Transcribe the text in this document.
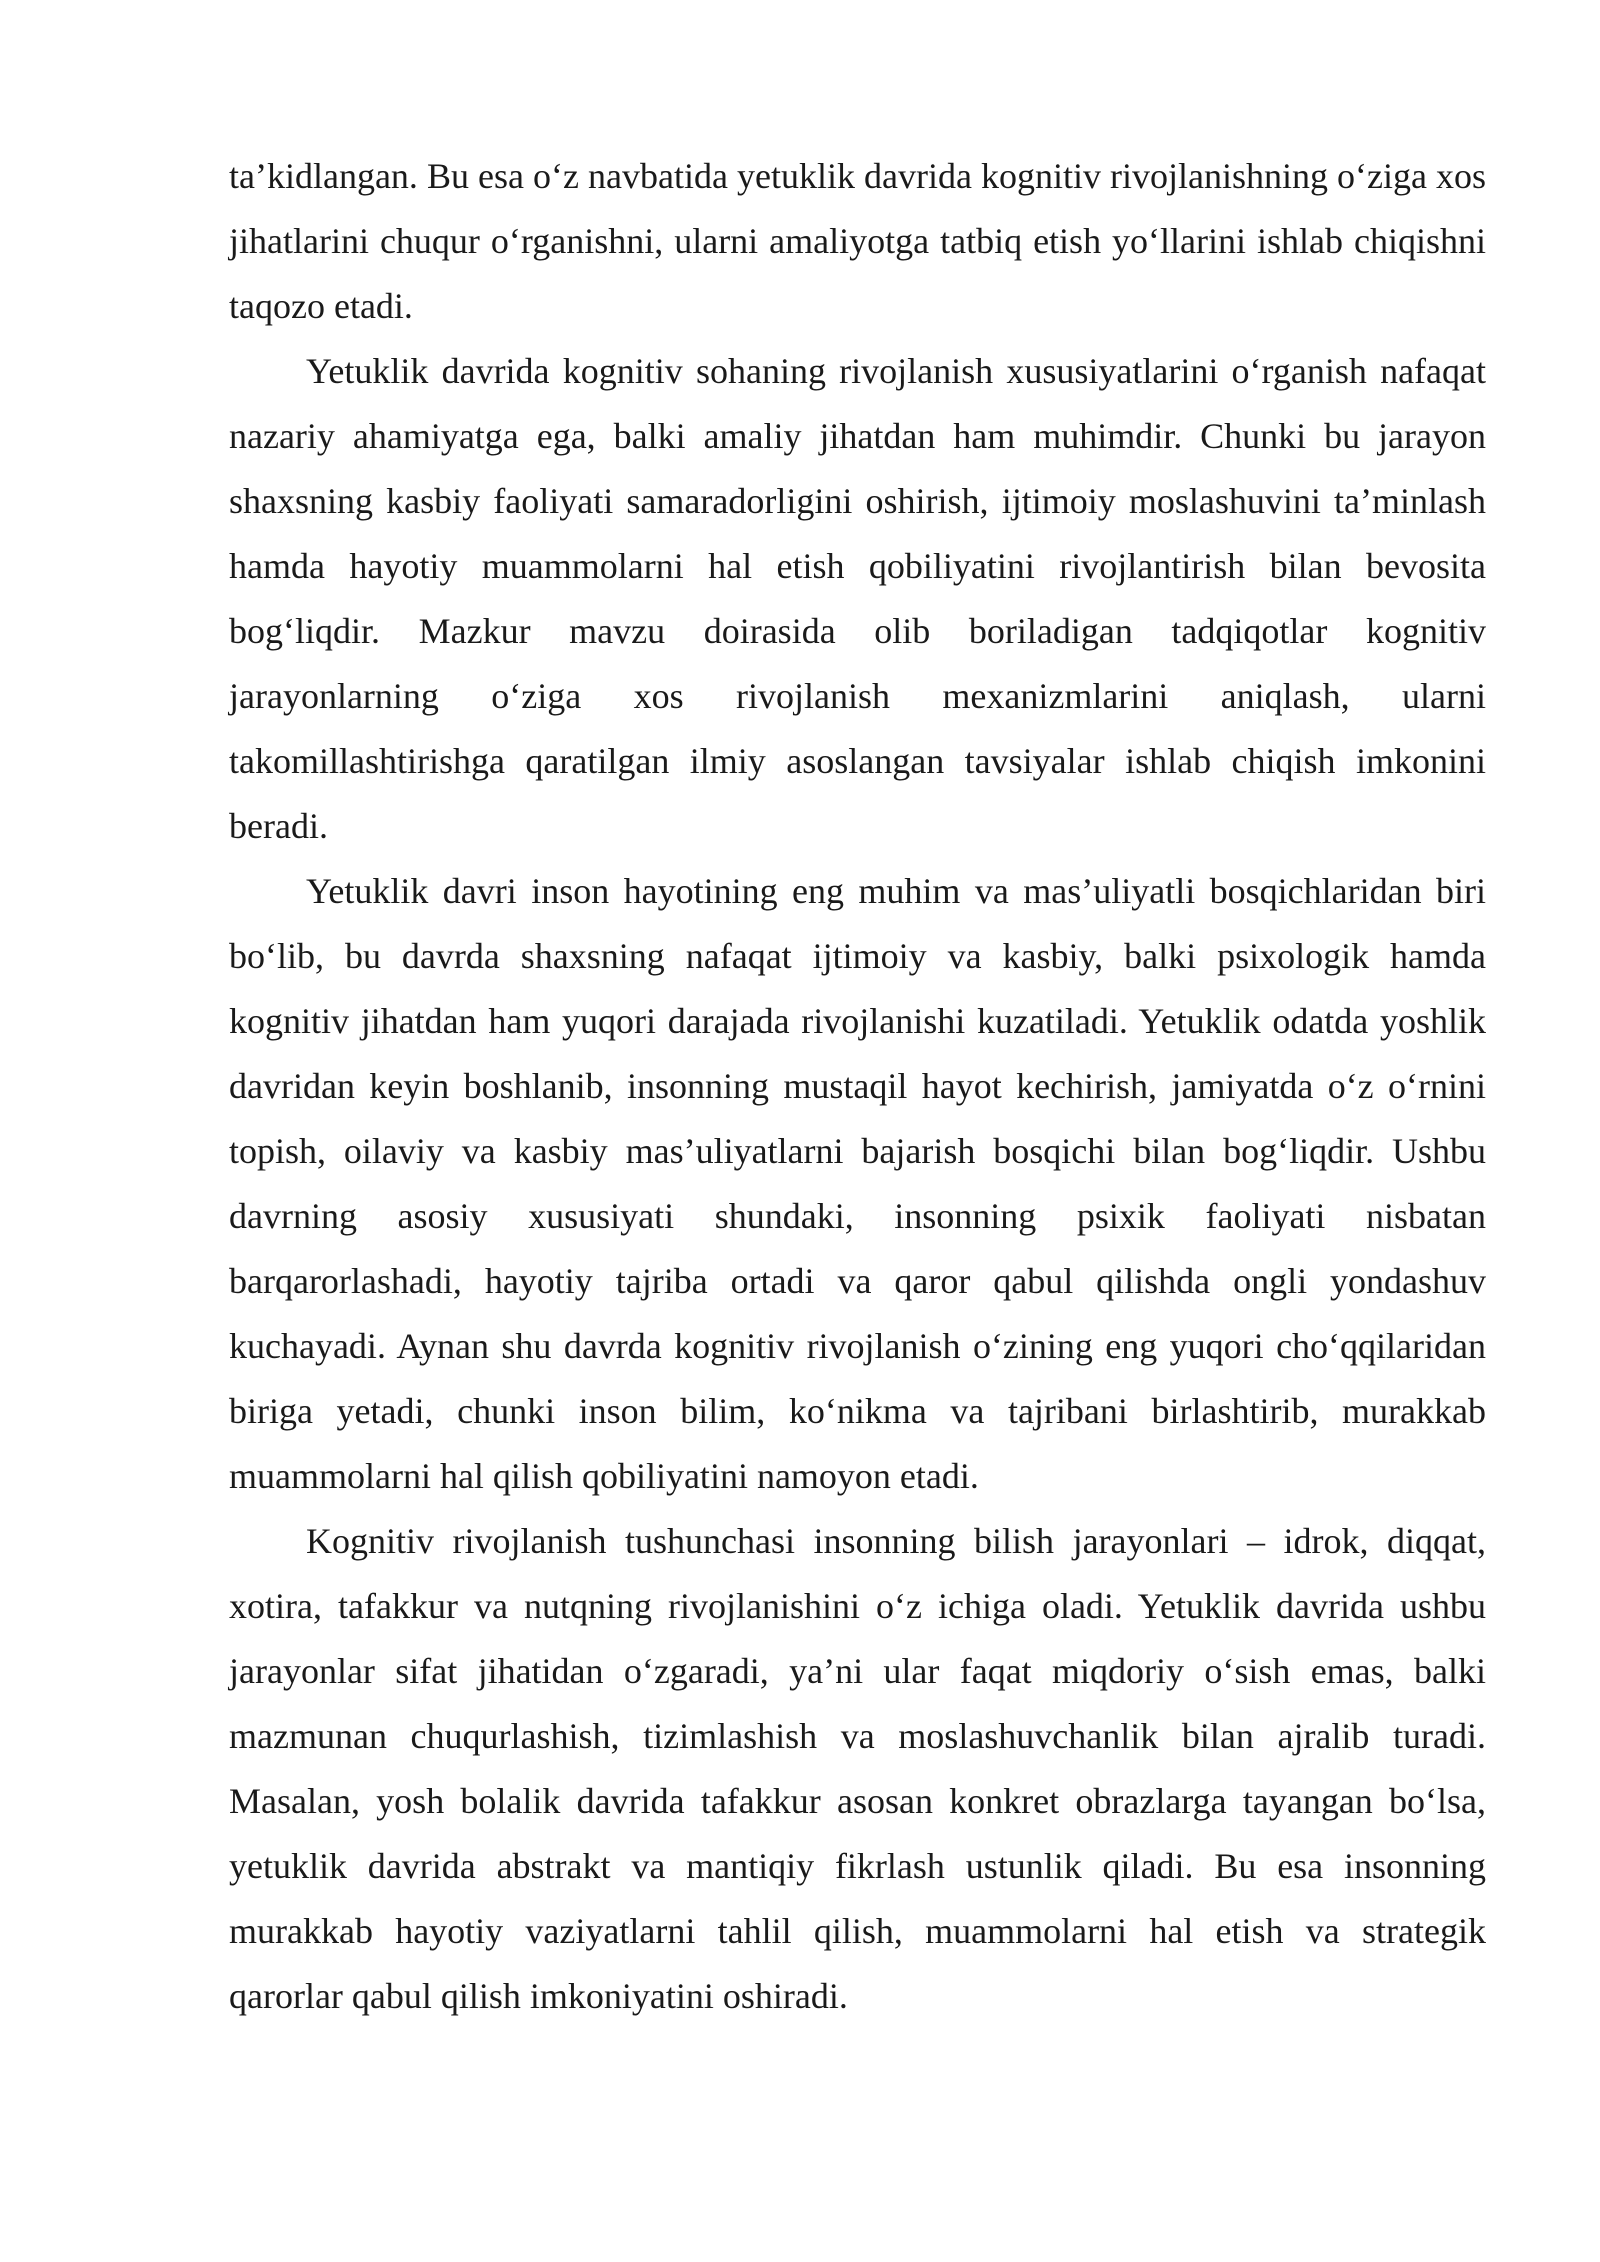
ta’kidlangan. Bu esa o‘z navbatida yetuklik davrida kognitiv rivojlanishning o‘ziga xos jihatlarini chuqur o‘rganishni, ularni amaliyotga tatbiq etish yo‘llarini ishlab chiqishni taqozo etadi.

Yetuklik davrida kognitiv sohaning rivojlanish xususiyatlarini o‘rganish nafaqat nazariy ahamiyatga ega, balki amaliy jihatdan ham muhimdir. Chunki bu jarayon shaxsning kasbiy faoliyati samaradorligini oshirish, ijtimoiy moslashuvini ta’minlash hamda hayotiy muammolarni hal etish qobiliyatini rivojlantirish bilan bevosita bog‘liqdir. Mazkur mavzu doirasida olib boriladigan tadqiqotlar kognitiv jarayonlarning o‘ziga xos rivojlanish mexanizmlarini aniqlash, ularni takomillashtirishga qaratilgan ilmiy asoslangan tavsiyalar ishlab chiqish imkonini beradi.

Yetuklik davri inson hayotining eng muhim va mas’uliyatli bosqichlaridan biri bo‘lib, bu davrda shaxsning nafaqat ijtimoiy va kasbiy, balki psixologik hamda kognitiv jihatdan ham yuqori darajada rivojlanishi kuzatiladi. Yetuklik odatda yoshlik davridan keyin boshlanib, insonning mustaqil hayot kechirish, jamiyatda o‘z o‘rnini topish, oilaviy va kasbiy mas’uliyatlarni bajarish bosqichi bilan bog‘liqdir. Ushbu davrning asosiy xususiyati shundaki, insonning psixik faoliyati nisbatan barqarorlashadi, hayotiy tajriba ortadi va qaror qabul qilishda ongli yondashuv kuchayadi. Aynan shu davrda kognitiv rivojlanish o‘zining eng yuqori cho‘qqilaridan biriga yetadi, chunki inson bilim, ko‘nikma va tajribani birlashtirib, murakkab muammolarni hal qilish qobiliyatini namoyon etadi.

Kognitiv rivojlanish tushunchasi insonning bilish jarayonlari – idrok, diqqat, xotira, tafakkur va nutqning rivojlanishini o‘z ichiga oladi. Yetuklik davrida ushbu jarayonlar sifat jihatidan o‘zgaradi, ya’ni ular faqat miqdoriy o‘sish emas, balki mazmunan chuqurlashish, tizimlashish va moslashuvchanlik bilan ajralib turadi. Masalan, yosh bolalik davrida tafakkur asosan konkret obrazlarga tayangan bo‘lsa, yetuklik davrida abstrakt va mantiqiy fikrlash ustunlik qiladi. Bu esa insonning murakkab hayotiy vaziyatlarni tahlil qilish, muammolarni hal etish va strategik qarorlar qabul qilish imkoniyatini oshiradi.
